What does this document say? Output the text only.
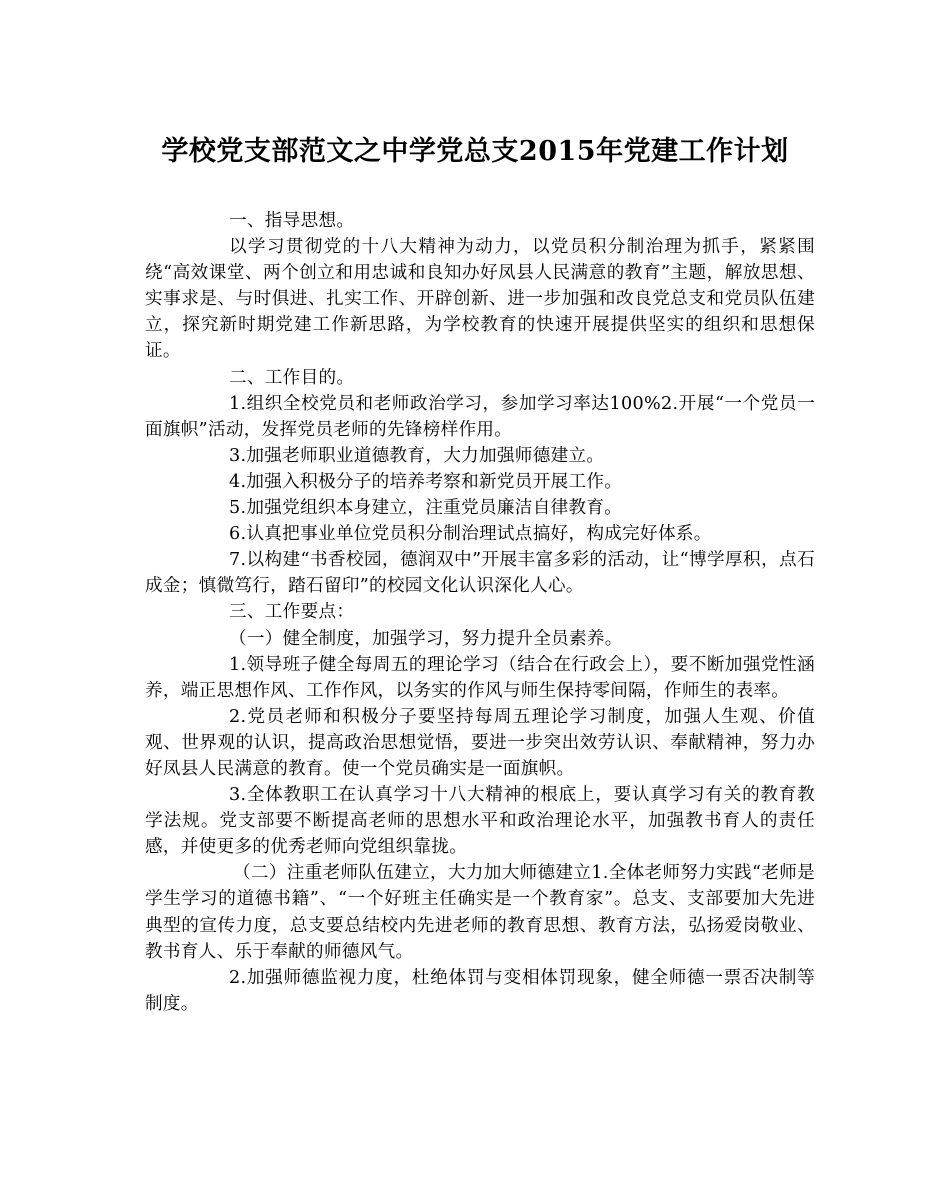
学校党支部范文之中学党总支2015年党建工作计划

一、指导思想。

以学习贯彻党的十八大精神为动力，以党员积分制治理为抓手，紧紧围绕“高效课堂、两个创立和用忠诚和良知办好凤县人民满意的教育”主题，解放思想、实事求是、与时俱进、扎实工作、开辟创新、进一步加强和改良党总支和党员队伍建立，探究新时期党建工作新思路，为学校教育的快速开展提供坚实的组织和思想保证。

二、工作目的。

1.组织全校党员和老师政治学习，参加学习率达100%2.开展“一个党员一面旗帜”活动，发挥党员老师的先锋榜样作用。

3.加强老师职业道德教育，大力加强师德建立。

4.加强入积极分子的培养考察和新党员开展工作。

5.加强党组织本身建立，注重党员廉洁自律教育。

6.认真把事业单位党员积分制治理试点搞好，构成完好体系。

7.以构建“书香校园，德润双中”开展丰富多彩的活动，让“博学厚积，点石成金；慎微笃行，踏石留印”的校园文化认识深化人心。

三、工作要点：

（一）健全制度，加强学习，努力提升全员素养。

1.领导班子健全每周五的理论学习（结合在行政会上），要不断加强党性涵养，端正思想作风、工作作风，以务实的作风与师生保持零间隔，作师生的表率。

2.党员老师和积极分子要坚持每周五理论学习制度，加强人生观、价值观、世界观的认识，提高政治思想觉悟，要进一步突出效劳认识、奉献精神，努力办好凤县人民满意的教育。使一个党员确实是一面旗帜。

3.全体教职工在认真学习十八大精神的根底上，要认真学习有关的教育教学法规。党支部要不断提高老师的思想水平和政治理论水平，加强教书育人的责任感，并使更多的优秀老师向党组织靠拢。

（二）注重老师队伍建立，大力加大师德建立1.全体老师努力实践“老师是学生学习的道德书籍”、“一个好班主任确实是一个教育家”。总支、支部要加大先进典型的宣传力度，总支要总结校内先进老师的教育思想、教育方法，弘扬爱岗敬业、教书育人、乐于奉献的师德风气。

2.加强师德监视力度，杜绝体罚与变相体罚现象，健全师德一票否决制等制度。
